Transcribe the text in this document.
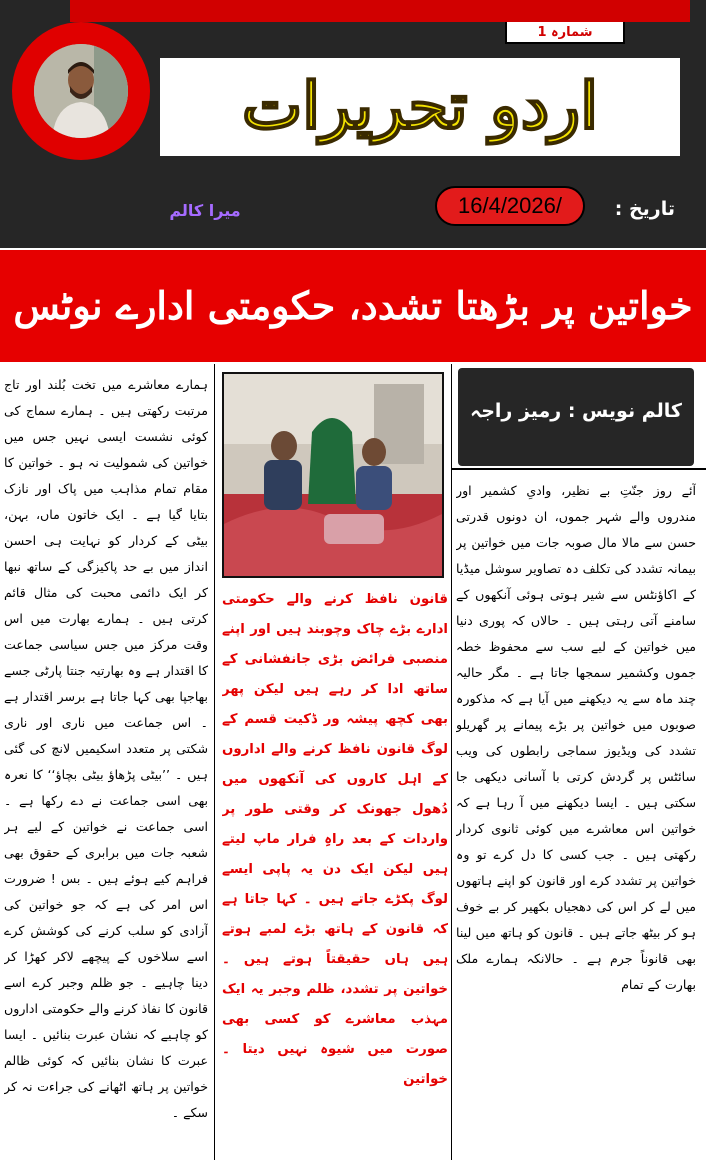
شمارہ 1
اردو تحریرات
تاریخ :
16/4/2026/
میرا کالم
خواتین پر بڑھتا تشدد، حکومتی ادارے نوٹس
کالم نویس : رمیز راجہ
آئے روز جنّتِ بے نظیر، وادیِ کشمیر اور مندروں والے شہر جموں، ان دونوں قدرتی حسن سے مالا مال صوبہ جات میں خواتین پر بیمانہ تشدد کی تکلف دہ تصاویر سوشل میڈیا کے اکاؤنٹس سے شیر ہوتی ہوئی آنکھوں کے سامنے آتی رہتی ہیں ۔ حالاں کہ پوری دنیا میں خواتین کے لیے سب سے محفوظ خطہ جموں وکشمیر سمجھا جاتا ہے ۔ مگر حالیہ چند ماہ سے یہ دیکھنے میں آیا ہے کہ مذکورہ صوبوں میں خواتین پر بڑے پیمانے پر گھریلو تشدد کی ویڈیوز سماجی رابطوں کی ویب سائٹس پر گردش کرتی با آسانی دیکھی جا سکتی ہیں ۔ ایسا دیکھنے میں آ رہا ہے کہ خواتین اس معاشرے میں کوئی ثانوی کردار رکھتی ہیں ۔ جب کسی کا دل کرے تو وہ خواتین پر تشدد کرے اور قانون کو اپنے ہاتھوں میں لے کر اس کی دھجیاں بکھیر کر بے خوف ہو کر بیٹھ جاتے ہیں ۔ قانون کو ہاتھ میں لینا بھی قانوناً جرم ہے ۔ حالانکہ ہمارے ملک بھارت کے تمام
قانون نافظ کرنے والے حکومتی ادارے بڑے چاک وچوبند ہیں اور اپنے منصبی فرائض بڑی جانفشانی کے ساتھ ادا کر رہے ہیں لیکن پھر بھی کچھ پیشہ ور ڈکیت قسم کے لوگ قانون نافظ کرنے والے اداروں کے اہل کاروں کی آنکھوں میں دُھول جھونک کر وقتی طور پر واردات کے بعد راہِ فرار ماپ لیتے ہیں لیکن ایک دن یہ پاپی ایسے لوگ پکڑے جاتے ہیں ۔ کہا جاتا ہے کہ قانون کے ہاتھ بڑے لمبے ہوتے ہیں ہاں حقیقتاً ہوتے ہیں ۔ خواتین پر تشدد، ظلم وجبر یہ ایک مہذب معاشرے کو کسی بھی صورت میں شیوہ نہیں دیتا ۔ خواتین
ہمارے معاشرے میں تخت بُلند اور تاج مرتبت رکھتی ہیں ۔ ہمارے سماج کی کوئی نشست ایسی نہیں جس میں خواتین کی شمولیت نہ ہو ۔ خواتین کا مقام تمام مذاہب میں پاک اور نازک بتایا گیا ہے ۔ ایک خاتون ماں، بہن، بیٹی کے کردار کو نہایت ہی احسن انداز میں بے حد پاکیزگی کے ساتھ نبھا کر ایک دائمی محبت کی مثال قائم کرتی ہیں ۔ ہمارے بھارت میں اس وقت مرکز میں جس سیاسی جماعت کا اقتدار ہے وہ بھارتیہ جنتا پارٹی جسے بھاجپا بھی کہا جاتا ہے برسر اقتدار ہے ۔ اس جماعت میں ناری اور ناری شکتی پر متعدد اسکیمیں لانچ کی گئی ہیں ۔ ’’بیٹی پڑھاؤ بیٹی بچاؤ‘‘ کا نعرہ بھی اسی جماعت نے دے رکھا ہے ۔ اسی جماعت نے خواتین کے لیے ہر شعبہ جات میں برابری کے حقوق بھی فراہم کیے ہوئے ہیں ۔ بس ! ضرورت اس امر کی ہے کہ جو خواتین کی آزادی کو سلب کرنے کی کوشش کرے اسے سلاخوں کے پیچھے لاکر کھڑا کر دینا چاہیے ۔ جو ظلم وجبر کرے اسے قانون کا نفاذ کرنے والے حکومتی اداروں کو چاہیے کہ نشان عبرت بنائیں ۔ ایسا عبرت کا نشان بنائیں کہ کوئی ظالم خواتین پر ہاتھ اٹھانے کی جراءت نہ کر سکے ۔
